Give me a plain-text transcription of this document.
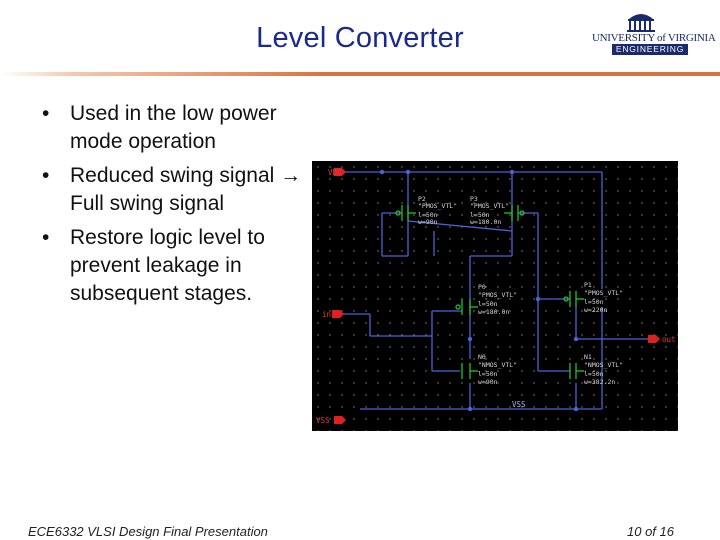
Level Converter	UNIVERSITY of VIRGINIA
ENGINEERING
• Used in the low power mode operation
• Reduced swing signal → Full swing signal
• Restore logic level to prevent leakage in subsequent stages.
VDD
in
out
VSS
VSS
P2
"PMOS_VTL"
l=50n
w=90n
P3
"PMOS_VTL"
l=50n
w=180.0n
P0
"PMOS_VTL"
l=50n
w=180.0n
P1
"PMOS_VTL"
l=50n
w=220n
N0
"NMOS_VTL"
l=50n
w=90n
N1
"NMOS_VTL"
l=50n
w=382.2n
ECE6332 VLSI Design Final Presentation	10 of 16
